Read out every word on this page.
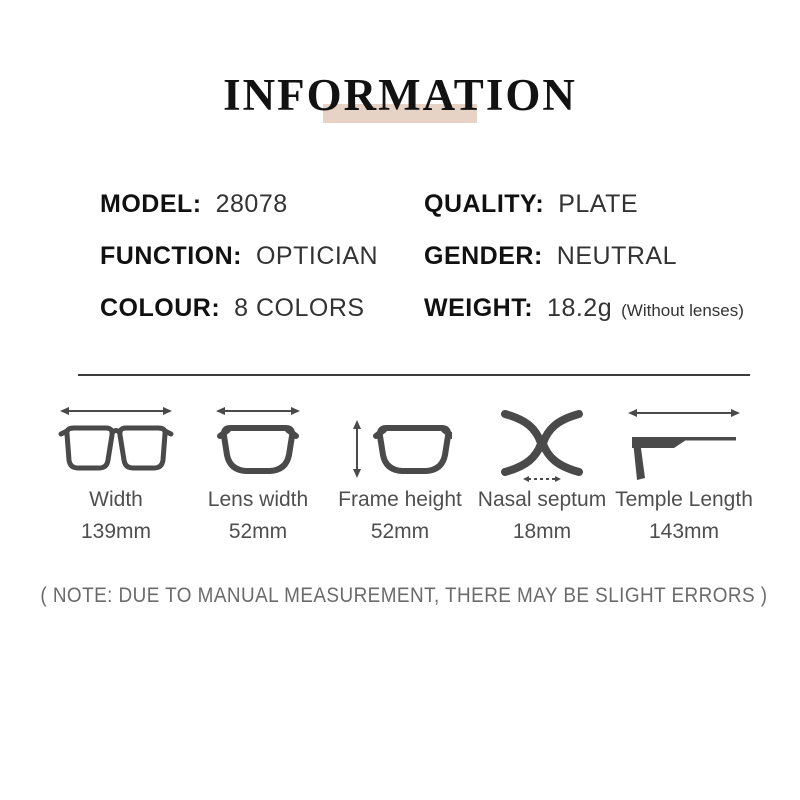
INFORMATION
MODEL: 28078
FUNCTION: OPTICIAN
COLOUR: 8 COLORS
QUALITY: PLATE
GENDER: NEUTRAL
WEIGHT: 18.2g (Without lenses)
Width
139mm
Lens width
52mm
Frame height
52mm
Nasal septum
18mm
Temple Length
143mm
( NOTE: DUE TO MANUAL MEASUREMENT, THERE MAY BE SLIGHT ERRORS )
